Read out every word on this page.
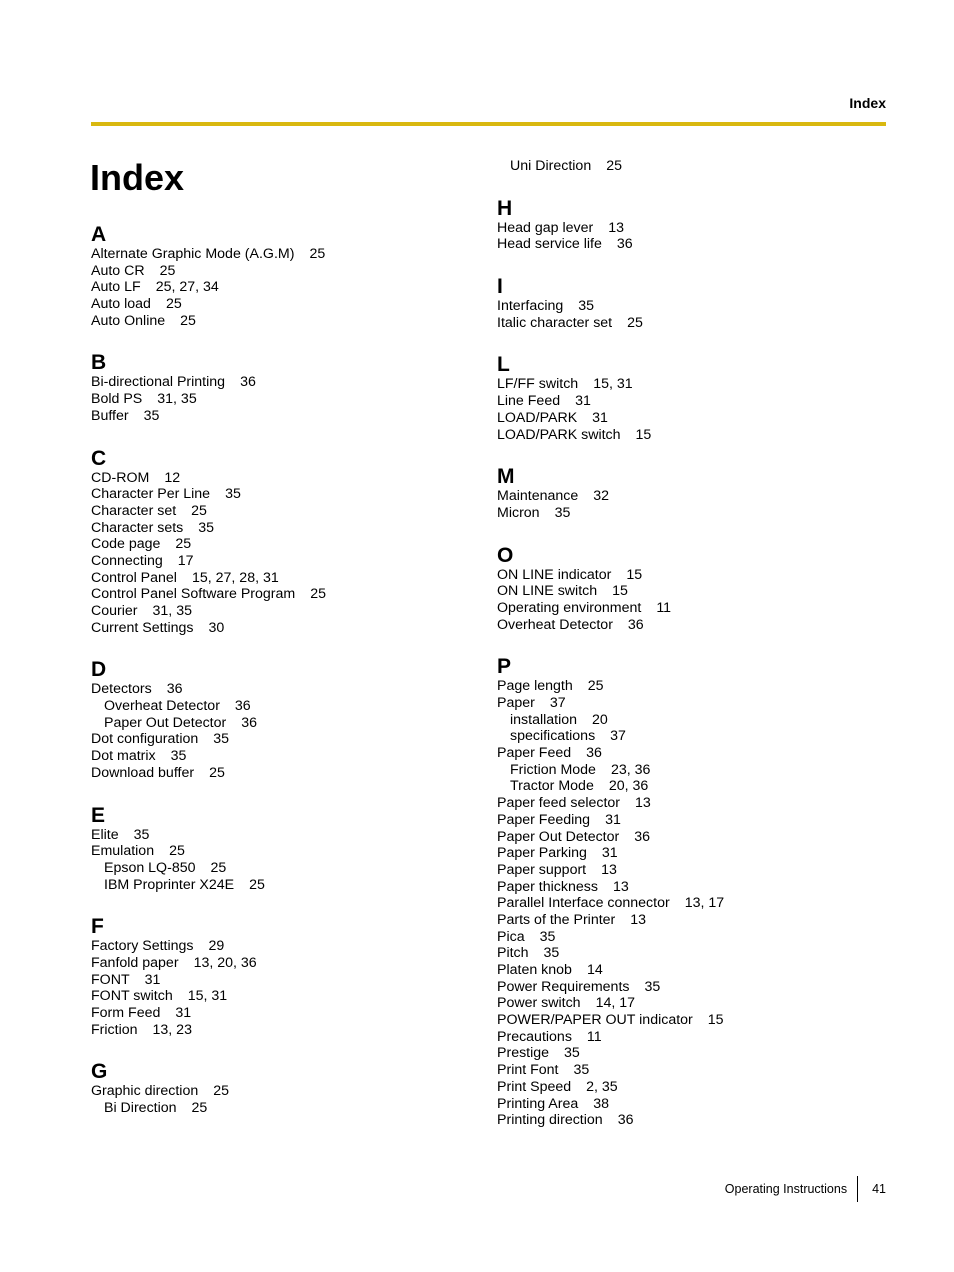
Index
Index
A
Alternate Graphic Mode (A.G.M) 25
Auto CR 25
Auto LF 25, 27, 34
Auto load 25
Auto Online 25
B
Bi-directional Printing 36
Bold PS 31, 35
Buffer 35
C
CD-ROM 12
Character Per Line 35
Character set 25
Character sets 35
Code page 25
Connecting 17
Control Panel 15, 27, 28, 31
Control Panel Software Program 25
Courier 31, 35
Current Settings 30
D
Detectors 36
Overheat Detector 36
Paper Out Detector 36
Dot configuration 35
Dot matrix 35
Download buffer 25
E
Elite 35
Emulation 25
Epson LQ-850 25
IBM Proprinter X24E 25
F
Factory Settings 29
Fanfold paper 13, 20, 36
FONT 31
FONT switch 15, 31
Form Feed 31
Friction 13, 23
G
Graphic direction 25
Bi Direction 25
Uni Direction 25
H
Head gap lever 13
Head service life 36
I
Interfacing 35
Italic character set 25
L
LF/FF switch 15, 31
Line Feed 31
LOAD/PARK 31
LOAD/PARK switch 15
M
Maintenance 32
Micron 35
O
ON LINE indicator 15
ON LINE switch 15
Operating environment 11
Overheat Detector 36
P
Page length 25
Paper 37
installation 20
specifications 37
Paper Feed 36
Friction Mode 23, 36
Tractor Mode 20, 36
Paper feed selector 13
Paper Feeding 31
Paper Out Detector 36
Paper Parking 31
Paper support 13
Paper thickness 13
Parallel Interface connector 13, 17
Parts of the Printer 13
Pica 35
Pitch 35
Platen knob 14
Power Requirements 35
Power switch 14, 17
POWER/PAPER OUT indicator 15
Precautions 11
Prestige 35
Print Font 35
Print Speed 2, 35
Printing Area 38
Printing direction 36
Operating Instructions 41
